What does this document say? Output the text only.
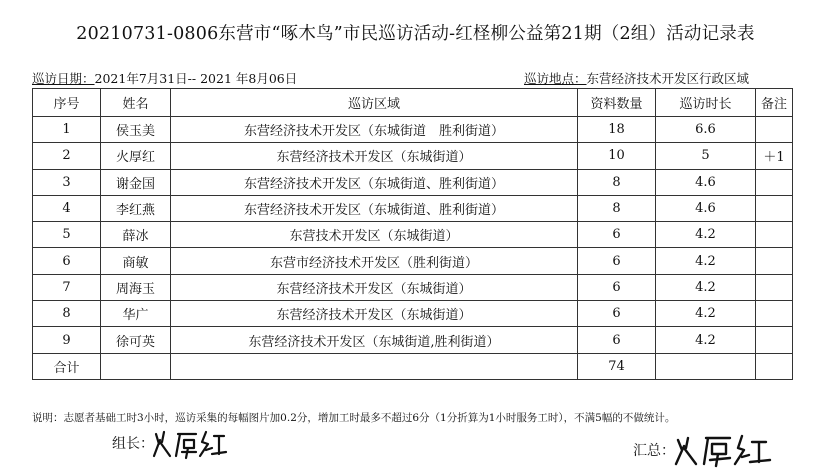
20210731-0806东营市“啄木鸟”市民巡访活动-红柽柳公益第21期（2组）活动记录表
巡访日期：2021年7月31日-- 2021 年8月06日	巡访地点：东营经济技术开发区行政区域
序号	姓名	巡访区域	资料数量	巡访时长	备注
1	侯玉美	东营经济技术开发区（东城街道　胜利街道）	18	6.6	
2	火厚红	东营经济技术开发区（东城街道）	10	5	＋1
3	谢金国	东营经济技术开发区（东城街道、胜利街道）	8	4.6	
4	李红燕	东营经济技术开发区（东城街道、胜利街道）	8	4.6	
5	薛冰	东营技术开发区（东城街道）	6	4.2	
6	商敏	东营市经济技术开发区（胜利街道）	6	4.2	
7	周海玉	东营经济技术开发区（东城街道）	6	4.2	
8	华广	东营经济技术开发区（东城街道）	6	4.2	
9	徐可英	东营经济技术开发区（东城街道,胜利街道）	6	4.2	
合计			74		
说明：志愿者基础工时3小时，巡访采集的每幅图片加0.2分，增加工时最多不超过6分（1分折算为1小时服务工时），不满5幅的不做统计。
组长：	汇总：
